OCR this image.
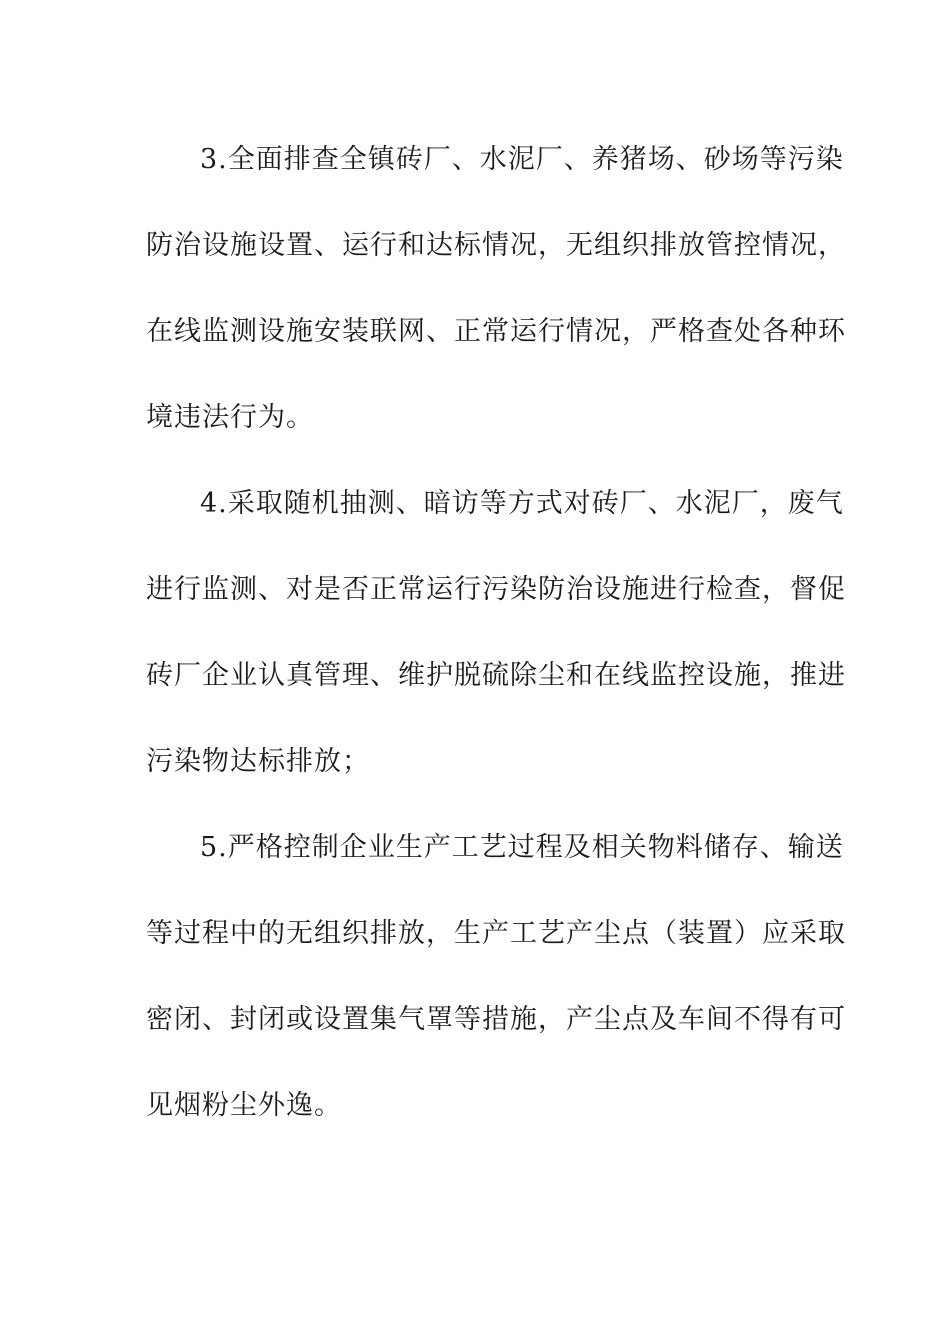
3.全面排查全镇砖厂、水泥厂、养猪场、砂场等污染
防治设施设置、运行和达标情况，无组织排放管控情况，
在线监测设施安装联网、正常运行情况，严格查处各种环
境违法行为。
4.采取随机抽测、暗访等方式对砖厂、水泥厂，废气
进行监测、对是否正常运行污染防治设施进行检查，督促
砖厂企业认真管理、维护脱硫除尘和在线监控设施，推进
污染物达标排放；
5.严格控制企业生产工艺过程及相关物料储存、输送
等过程中的无组织排放，生产工艺产尘点（装置）应采取
密闭、封闭或设置集气罩等措施，产尘点及车间不得有可
见烟粉尘外逸。
